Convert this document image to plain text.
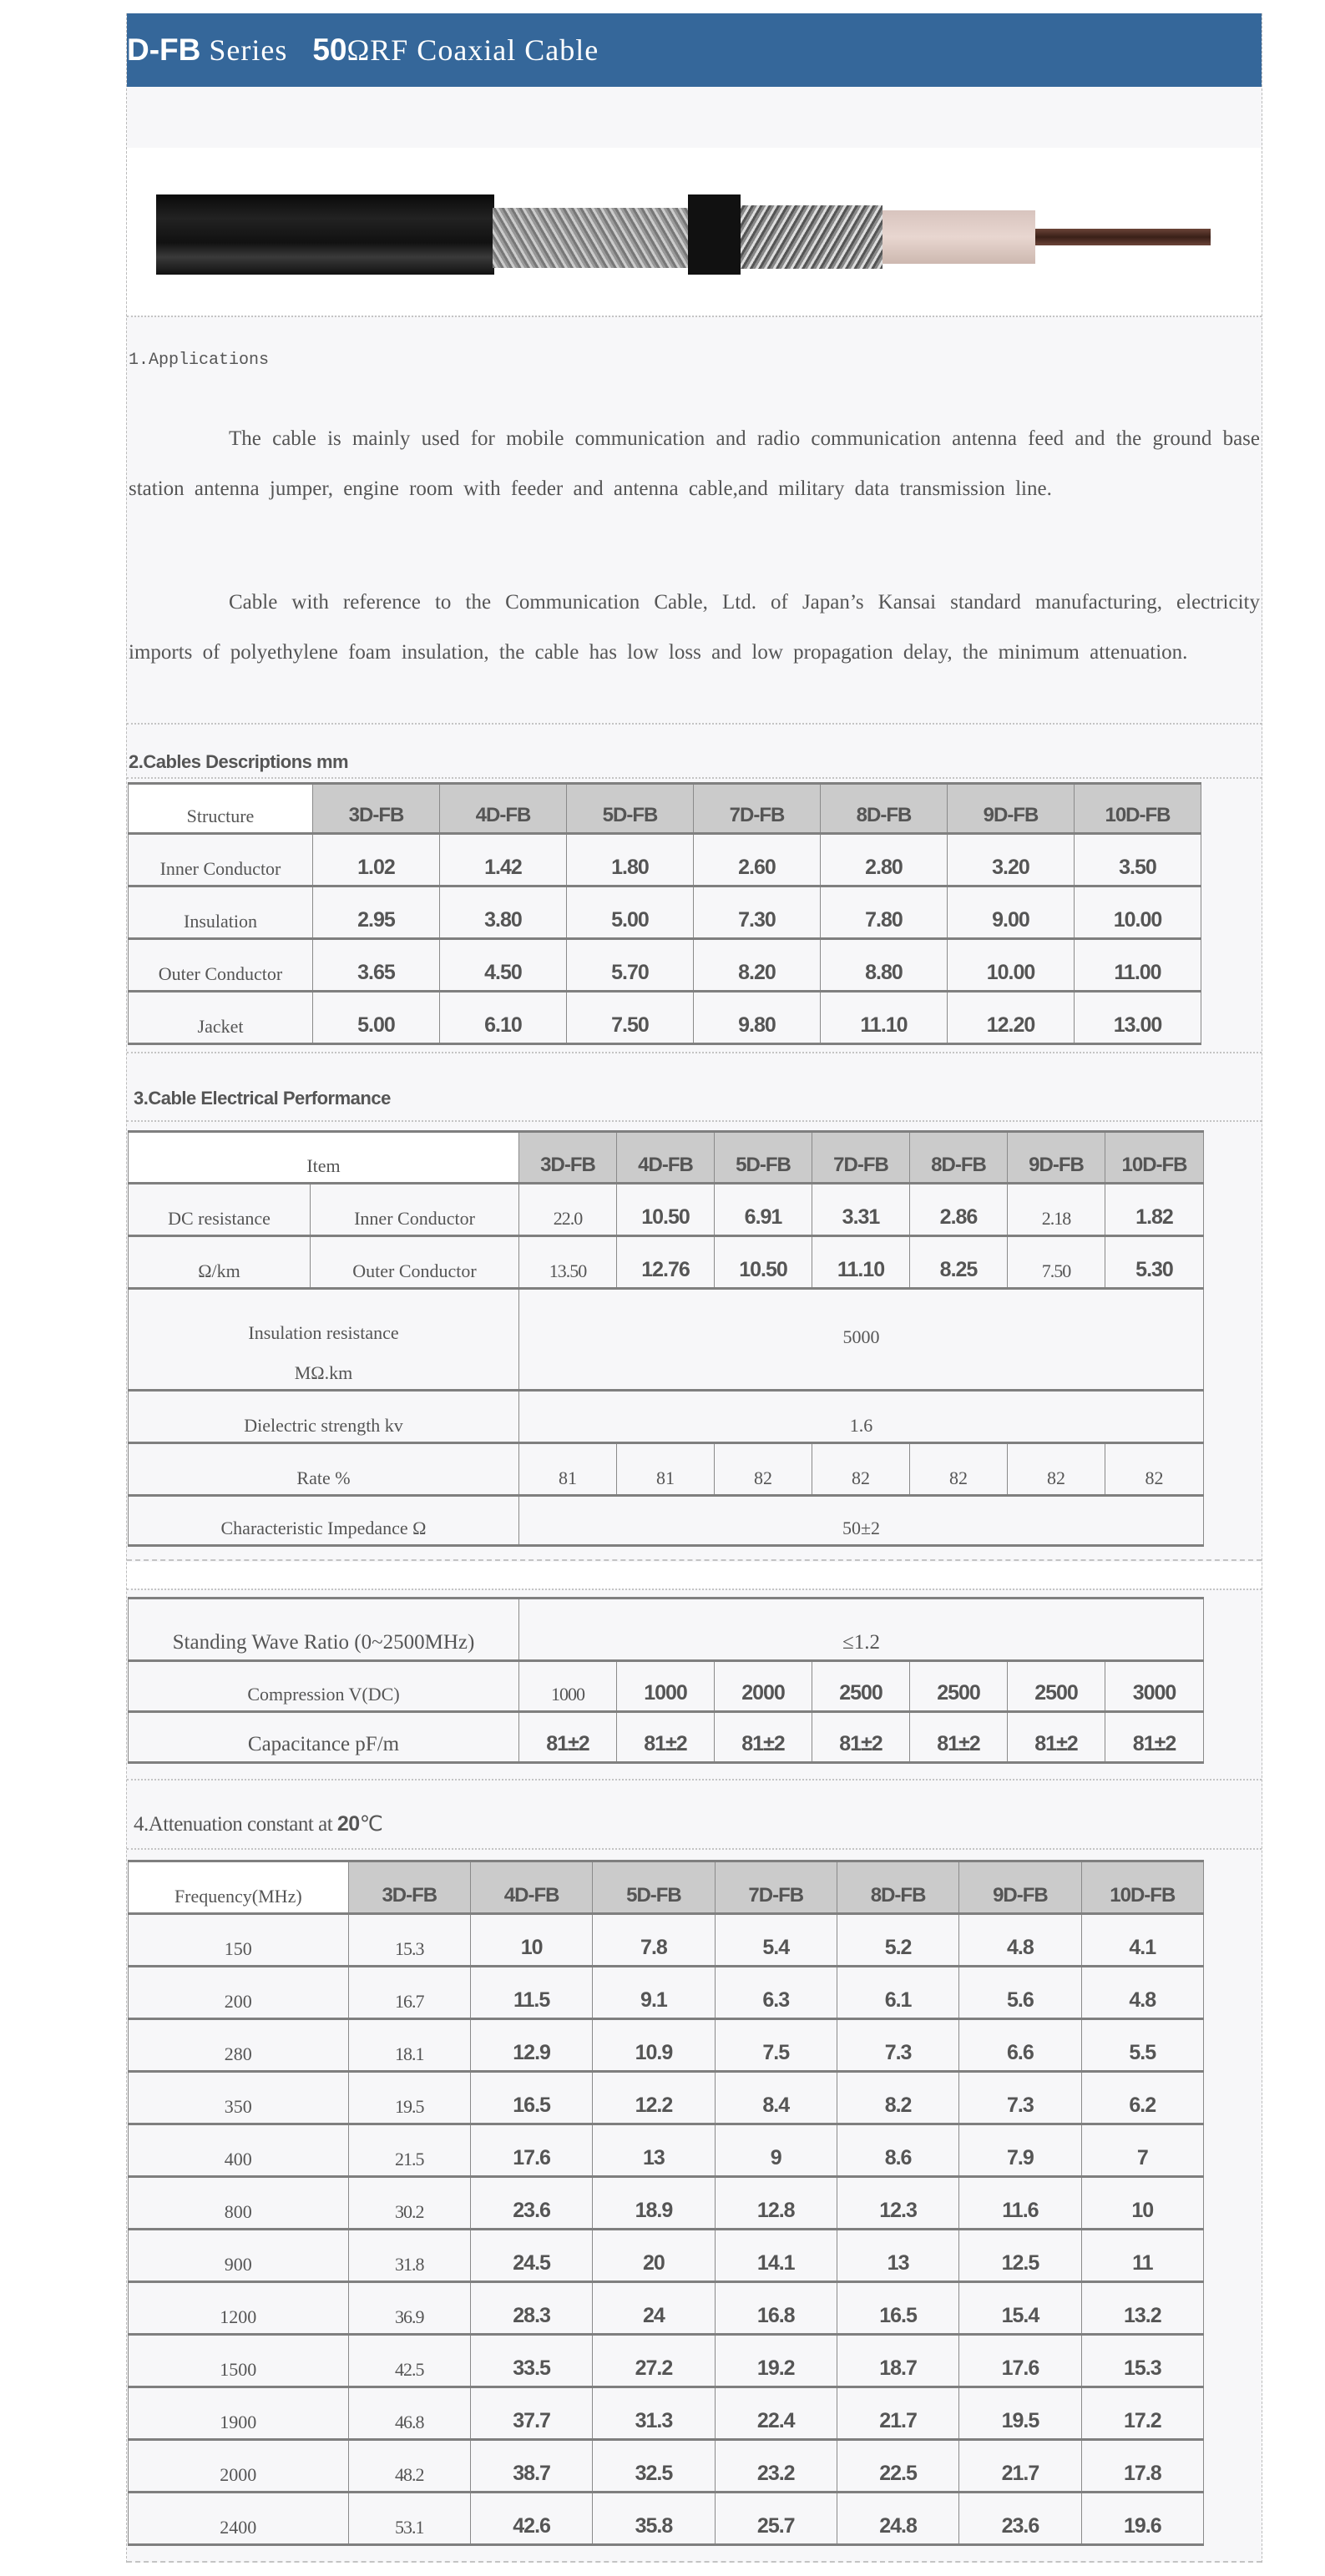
D-FB Series 50 ΩRF Coaxial Cable
1.Applications
The cable is mainly used for mobile communication and radio communication antenna feed and the ground base station antenna jumper, engine room with feeder and antenna cable,and military data transmission line.
Cable with reference to the Communication Cable, Ltd. of Japan’s Kansai standard manufacturing, electricity imports of polyethylene foam insulation, the cable has low loss and low propagation delay, the minimum attenuation.
2.Cables Descriptions mm
Structure	3D-FB	4D-FB	5D-FB	7D-FB	8D-FB	9D-FB	10D-FB
Inner Conductor	1.02	1.42	1.80	2.60	2.80	3.20	3.50
Insulation	2.95	3.80	5.00	7.30	7.80	9.00	10.00
Outer Conductor	3.65	4.50	5.70	8.20	8.80	10.00	11.00
Jacket	5.00	6.10	7.50	9.80	11.10	12.20	13.00
3.Cable Electrical Performance
Item		3D-FB	4D-FB	5D-FB	7D-FB	8D-FB	9D-FB	10D-FB
DC resistance	Inner Conductor	22.0	10.50	6.91	3.31	2.86	2.18	1.82
Ω/km	Outer Conductor	13.50	12.76	10.50	11.10	8.25	7.50	5.30

Insulation resistance
MΩ.km		5000						
Dielectric strength kv		1.6						
Rate %		81	81	82	82	82	82	82
Characteristic Impedance Ω		50±2						
Standing Wave Ratio (0~2500MHz)	≤1.2						
Compression V(DC)	1000	1000	2000	2500	2500	2500	3000
Capacitance pF/m	81±2	81±2	81±2	81±2	81±2	81±2	81±2
4.Attenuation constant at 20℃
Frequency(MHz)	3D-FB	4D-FB	5D-FB	7D-FB	8D-FB	9D-FB	10D-FB
150	15.3	10	7.8	5.4	5.2	4.8	4.1
200	16.7	11.5	9.1	6.3	6.1	5.6	4.8
280	18.1	12.9	10.9	7.5	7.3	6.6	5.5
350	19.5	16.5	12.2	8.4	8.2	7.3	6.2
400	21.5	17.6	13	9	8.6	7.9	7
800	30.2	23.6	18.9	12.8	12.3	11.6	10
900	31.8	24.5	20	14.1	13	12.5	11
1200	36.9	28.3	24	16.8	16.5	15.4	13.2
1500	42.5	33.5	27.2	19.2	18.7	17.6	15.3
1900	46.8	37.7	31.3	22.4	21.7	19.5	17.2
2000	48.2	38.7	32.5	23.2	22.5	21.7	17.8
2400	53.1	42.6	35.8	25.7	24.8	23.6	19.6
